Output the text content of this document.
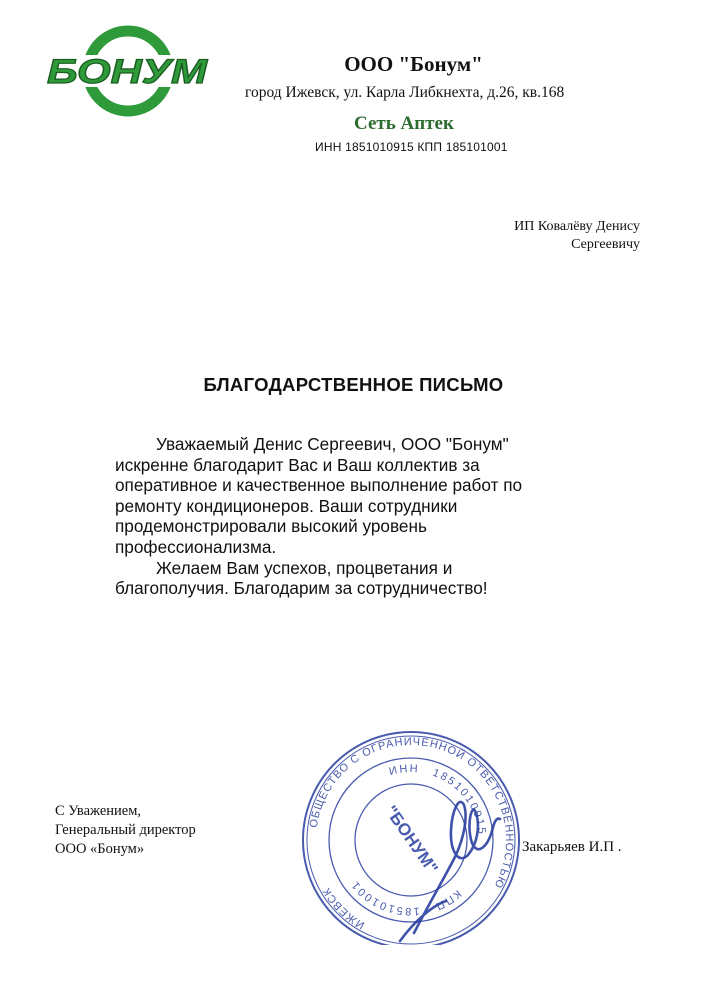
БОНУМ	ООО "Бонум"
город Ижевск, ул. Карла Либкнехта, д.26, кв.168
Сеть Аптек
ИНН 1851010915 КПП 185101001
ИП Ковалёву Денису
Сергеевичу
БЛАГОДАРСТВЕННОЕ ПИСЬМО
Уважаемый Денис Сергеевич, ООО "Бонум"
искренне благодарит Вас и Ваш коллектив за
оперативное и качественное выполнение работ по
ремонту кондиционеров. Ваши сотрудники
продемонстрировали высокий уровень
профессионализма.
Желаем Вам успехов, процветания и
благополучия. Благодарим за сотрудничество!
С Уважением,
Генеральный директор
ООО «Бонум»	Закарьяев И.П .
ОБЩЕСТВО С ОГРАНИЧЕННОЙ ОТВЕТСТВЕННОСТЬЮ
ИЖЕВСК
ИНН 1851010915
КПП
185101001
"БОНУМ"
